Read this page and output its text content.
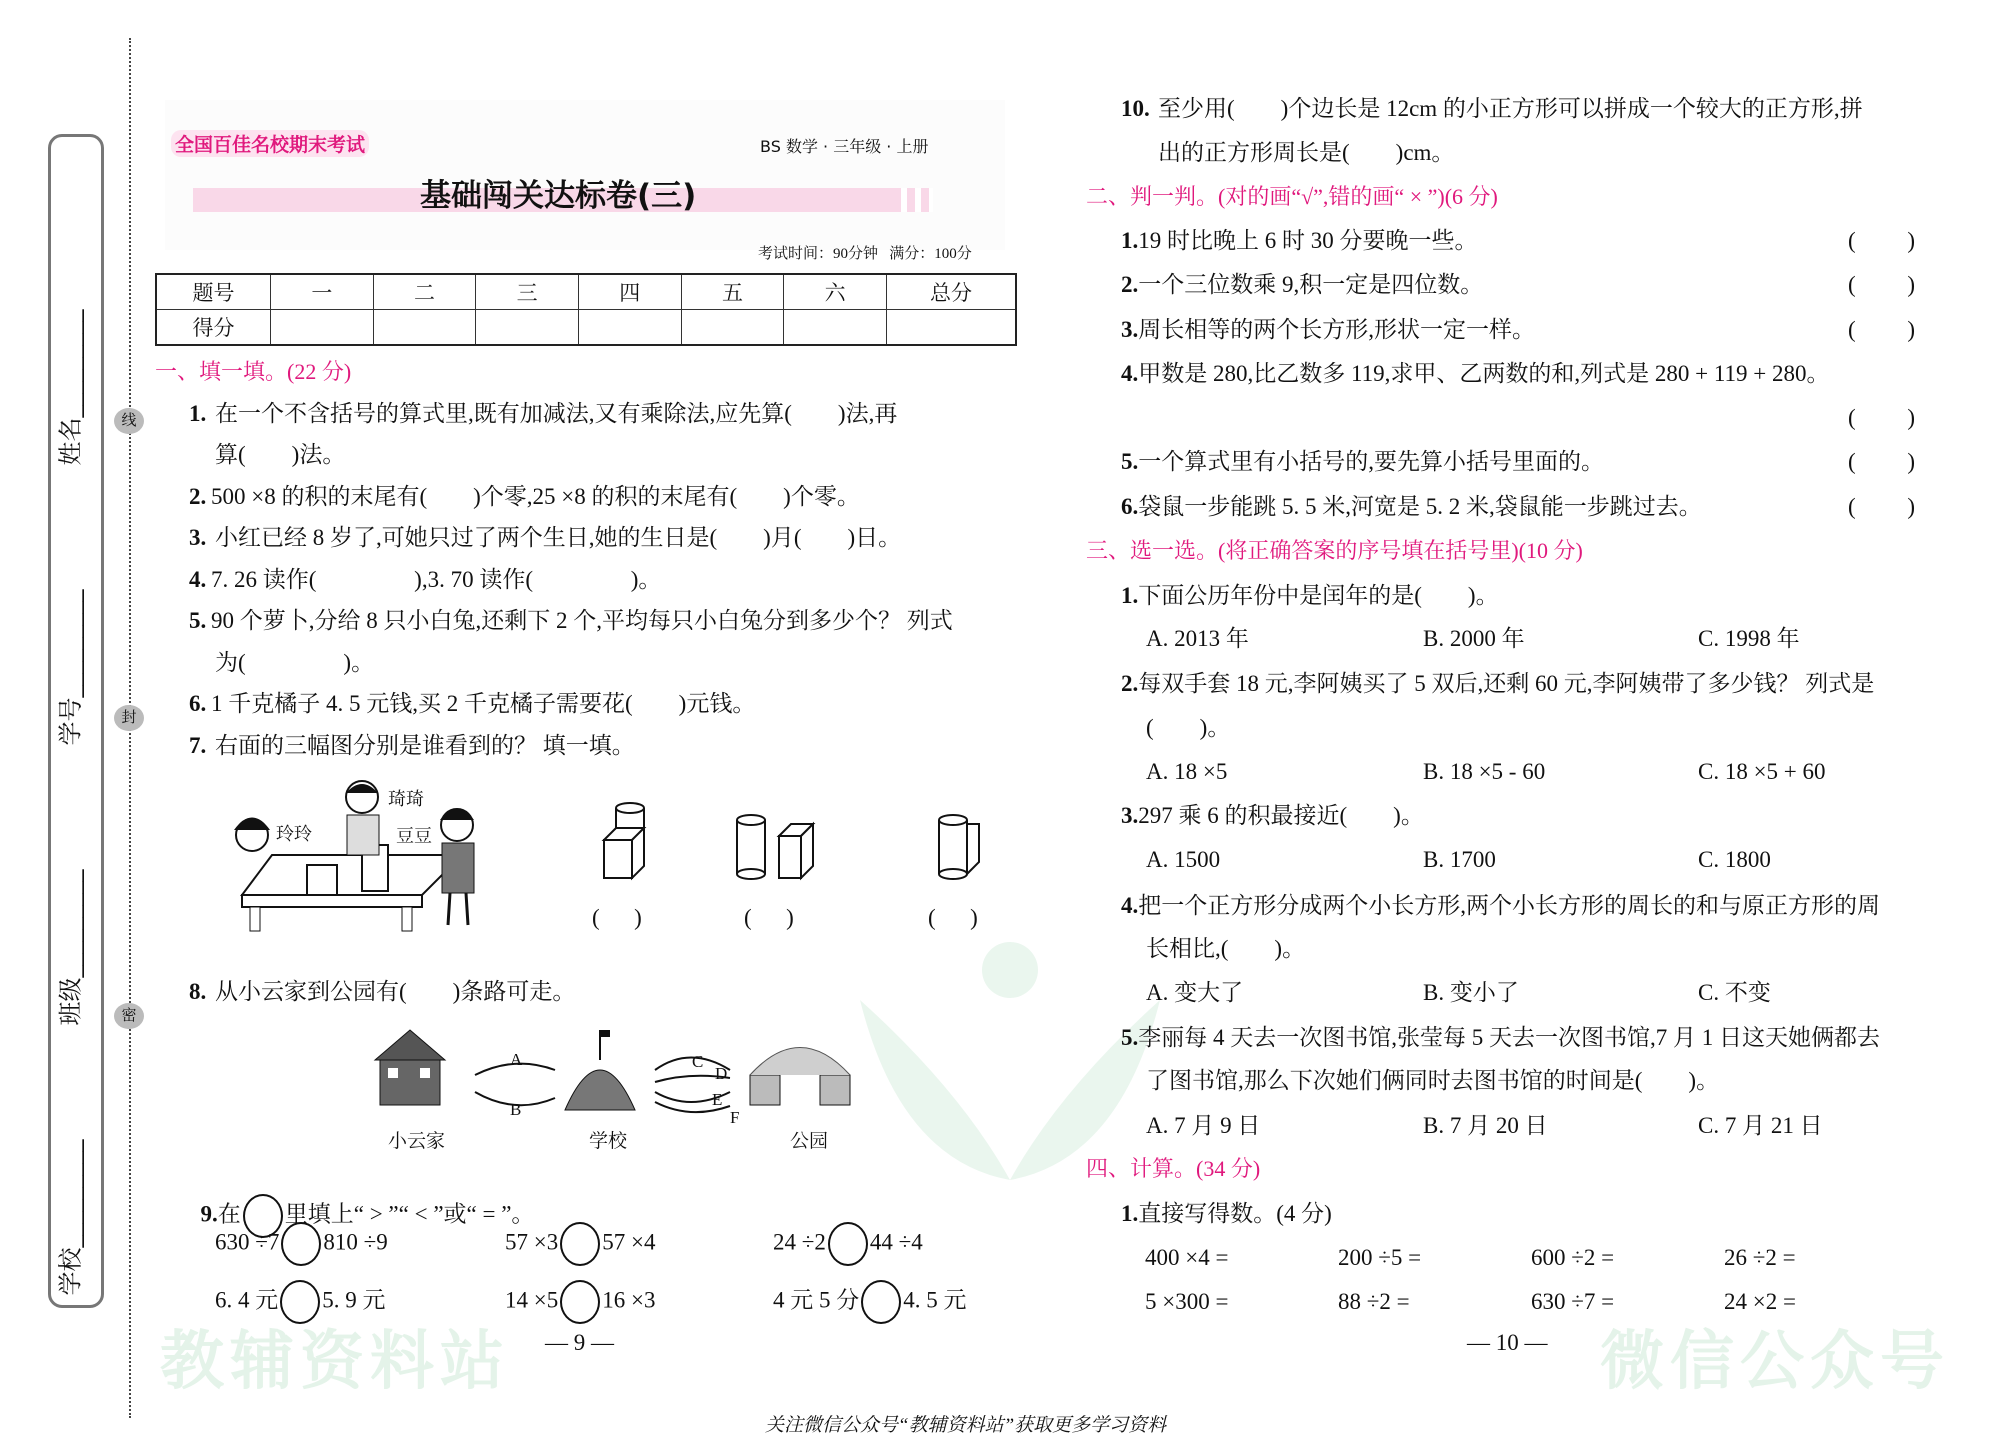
微信公众号
教辅资料站
姓名_________
学号_________
班级_________
学校_________
线
封
密
全国百佳名校期末考试	BS 数学 · 三年级 · 上册
基础闯关达标卷(三)
考试时间：90分钟   满分：100分
题号	一	二	三	四	五	六	总分
得分							
一、填一填。(22 分)
1. 在一个不含括号的算式里,既有加减法,又有乘除法,应先算(        )法,再
算(        )法。
2. 500 ×8 的积的末尾有(        )个零,25 ×8 的积的末尾有(        )个零。
3. 小红已经 8 岁了,可她只过了两个生日,她的生日是(        )月(        )日。
4. 7. 26 读作(                 ),3. 70 读作(                 )。
5. 90 个萝卜,分给 8 只小白兔,还剩下 2 个,平均每只小白兔分到多少个？ 列式
为(                 )。
6. 1 千克橘子 4. 5 元钱,买 2 千克橘子需要花(        )元钱。
7. 右面的三幅图分别是谁看到的？ 填一填。
玲玲
琦琦
豆豆
(      )	(      )	(      )
8. 从小云家到公园有(        )条路可走。
A
B
C
D
E
F
小云家	学校	公园

9.在 里填上“ > ”“ < ”或“ = ”。

630 ÷7 810 ÷9	57 ×3 57 ×4	24 ÷2 44 ÷4
6. 4 元 5. 9 元	14 ×5 16 ×3	4 元 5 分 4. 5 元
— 9 —
10. 至少用(        )个边长是 12cm 的小正方形可以拼成一个较大的正方形,拼
出的正方形周长是(        )cm。
二、判一判。(对的画“√”,错的画“ × ”)(6 分)
1.19 时比晚上 6 时 30 分要晚一些。	(         )
2.一个三位数乘 9,积一定是四位数。	(         )
3.周长相等的两个长方形,形状一定一样。	(         )
4.甲数是 280,比乙数多 119,求甲、乙两数的和,列式是 280 + 119 + 280。
(         )
5.一个算式里有小括号的,要先算小括号里面的。	(         )
6.袋鼠一步能跳 5. 5 米,河宽是 5. 2 米,袋鼠能一步跳过去。	(         )
三、选一选。(将正确答案的序号填在括号里)(10 分)
1.下面公历年份中是闰年的是(        )。
A. 2013 年	B. 2000 年	C. 1998 年
2.每双手套 18 元,李阿姨买了 5 双后,还剩 60 元,李阿姨带了多少钱？ 列式是
(        )。
A. 18 ×5	B. 18 ×5 - 60	C. 18 ×5 + 60
3.297 乘 6 的积最接近(        )。
A. 1500	B. 1700	C. 1800
4.把一个正方形分成两个小长方形,两个小长方形的周长的和与原正方形的周
长相比,(        )。
A. 变大了	B. 变小了	C. 不变
5.李丽每 4 天去一次图书馆,张莹每 5 天去一次图书馆,7 月 1 日这天她俩都去
了图书馆,那么下次她们俩同时去图书馆的时间是(        )。
A. 7 月 9 日	B. 7 月 20 日	C. 7 月 21 日
四、计算。(34 分)
1.直接写得数。(4 分)
400 ×4 =	200 ÷5 =	600 ÷2 =	26 ÷2 =
5 ×300 =	88 ÷2 =	630 ÷7 =	24 ×2 =
— 10 —
关注微信公众号“教辅资料站”获取更多学习资料
